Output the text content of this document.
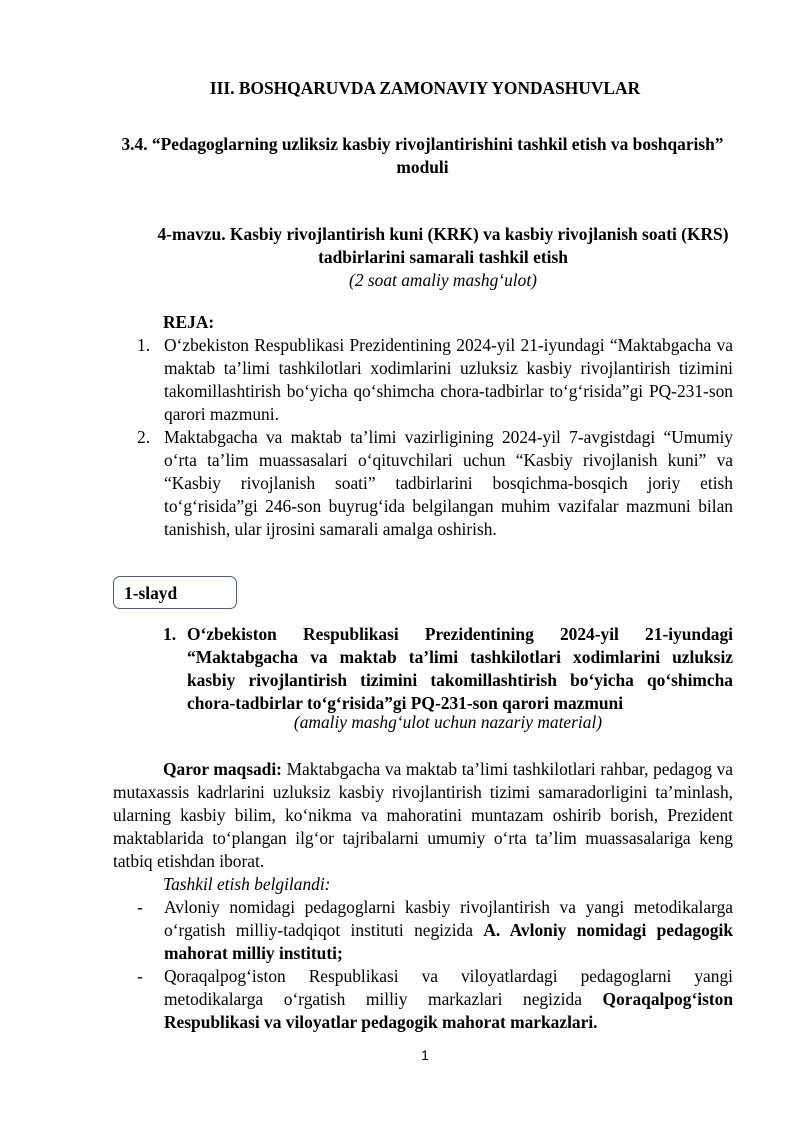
III. BOSHQARUVDA ZAMONAVIY YONDASHUVLAR
3.4. “Pedagoglarning uzliksiz kasbiy rivojlantirishini tashkil etish va boshqarish” moduli
4-mavzu. Kasbiy rivojlantirish kuni (KRK) va kasbiy rivojlanish soati (KRS) tadbirlarini samarali tashkil etish
(2 soat amaliy mashg‘ulot)
REJA:
1. O‘zbekiston Respublikasi Prezidentining 2024-yil 21-iyundagi “Maktabgacha va maktab ta’limi tashkilotlari xodimlarini uzluksiz kasbiy rivojlantirish tizimini takomillashtirish bo‘yicha qo‘shimcha chora-tadbirlar to‘g‘risida”gi PQ-231-son qarori mazmuni.
2. Maktabgacha va maktab ta’limi vazirligining 2024-yil 7-avgistdagi “Umumiy o‘rta ta’lim muassasalari o‘qituvchilari uchun “Kasbiy rivojlanish kuni” va “Kasbiy rivojlanish soati” tadbirlarini bosqichma-bosqich joriy etish to‘g‘risida”gi 246-son buyrug‘ida belgilangan muhim vazifalar mazmuni bilan tanishish, ular ijrosini samarali amalga oshirish.
1-slayd
1. O‘zbekiston Respublikasi Prezidentining 2024-yil 21-iyundagi “Maktabgacha va maktab ta’limi tashkilotlari xodimlarini uzluksiz kasbiy rivojlantirish tizimini takomillashtirish bo‘yicha qo‘shimcha chora-tadbirlar to‘g‘risida”gi PQ-231-son qarori mazmuni
(amaliy mashg‘ulot uchun nazariy material)
Qaror maqsadi: Maktabgacha va maktab ta’limi tashkilotlari rahbar, pedagog va mutaxassis kadrlarini uzluksiz kasbiy rivojlantirish tizimi samaradorligini ta’minlash, ularning kasbiy bilim, ko‘nikma va mahoratini muntazam oshirib borish, Prezident maktablarida to‘plangan ilg‘or tajribalarni umumiy o‘rta ta’lim muassasalariga keng tatbiq etishdan iborat.
Tashkil etish belgilandi:
-	Avloniy nomidagi pedagoglarni kasbiy rivojlantirish va yangi metodikalarga o‘rgatish milliy-tadqiqot instituti negizida A. Avloniy nomidagi pedagogik mahorat milliy instituti;
-	Qoraqalpog‘iston Respublikasi va viloyatlardagi pedagoglarni yangi metodikalarga o‘rgatish milliy markazlari negizida Qoraqalpog‘iston Respublikasi va viloyatlar pedagogik mahorat markazlari.
1
